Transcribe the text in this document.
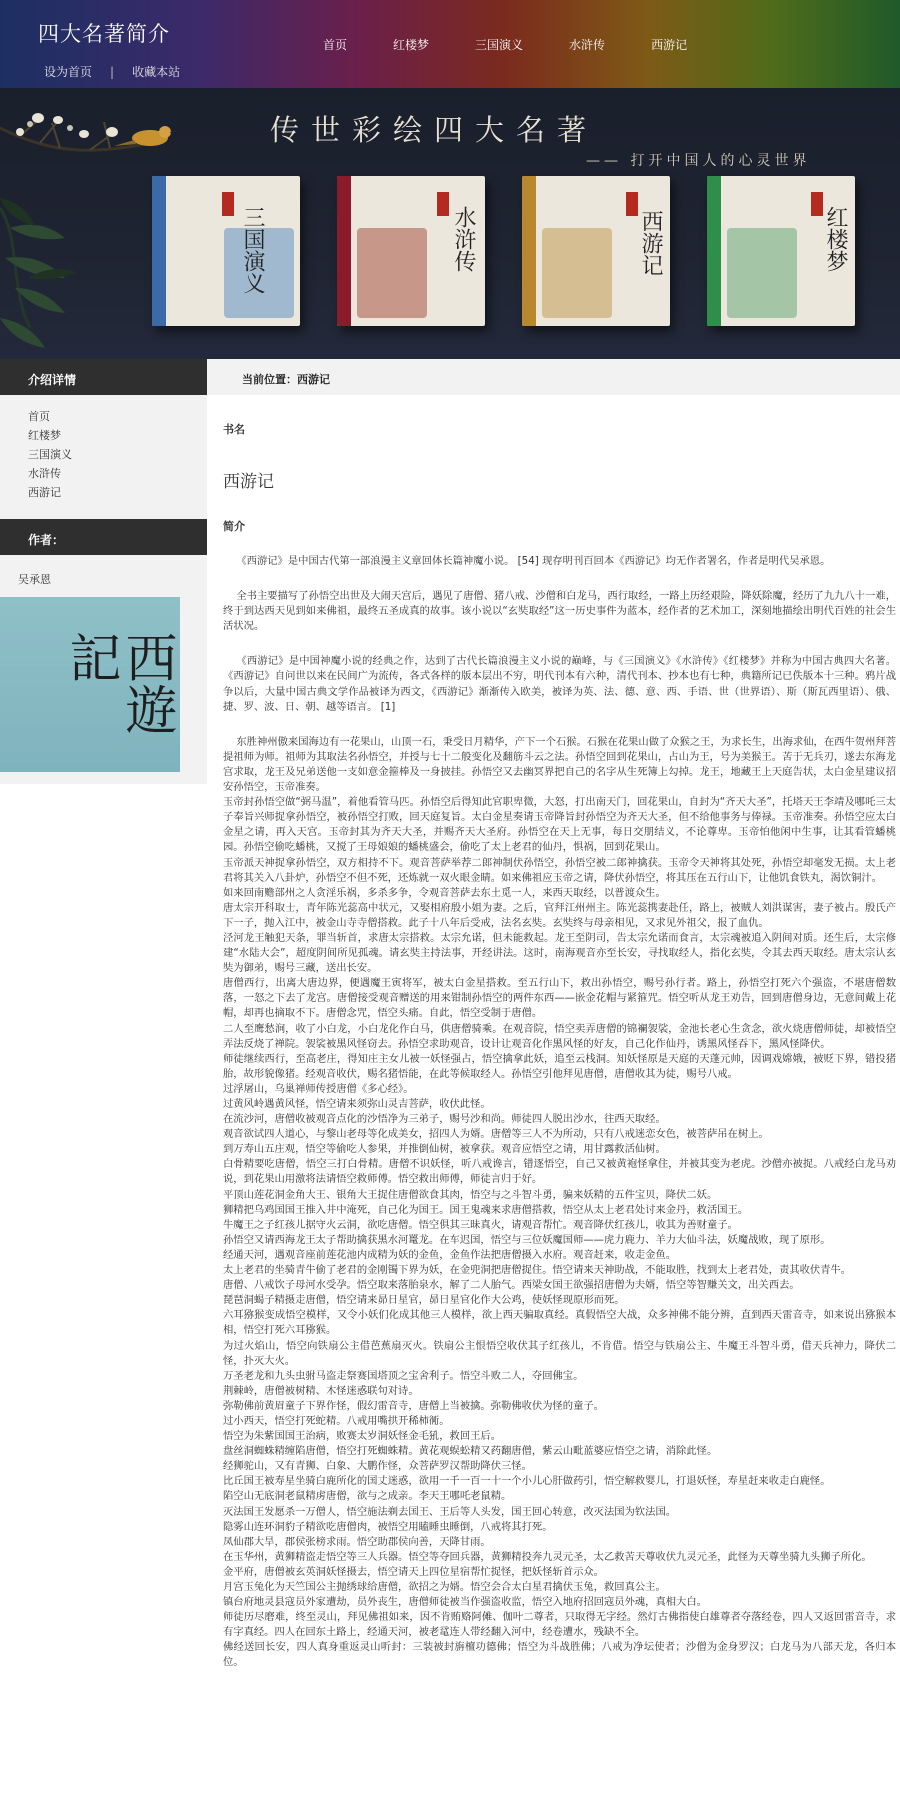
四大名著简介
设为首页 | 收藏本站
首页	红楼梦	三国演义	水浒传	西游记
传世彩绘四大名著
—— 打开中国人的心灵世界
三国演义	水浒传	西游记	红楼梦
介绍详情
首页
红楼梦
三国演义
水浒传
西游记
作者：
吴承恩
西遊記
当前位置：西游记
书名
西游记
简介

《西游记》是中国古代第一部浪漫主义章回体长篇神魔小说。 [54] 现存明刊百回本《西游记》均无作者署名，作者是明代吴承恩。

全书主要描写了孙悟空出世及大闹天宫后，遇见了唐僧、猪八戒、沙僧和白龙马，西行取经，一路上历经艰险，降妖除魔，经历了九九八十一难，终于到达西天见到如来佛祖，最终五圣成真的故事。该小说以“玄奘取经”这一历史事件为蓝本，经作者的艺术加工，深刻地描绘出明代百姓的社会生活状况。

《西游记》是中国神魔小说的经典之作，达到了古代长篇浪漫主义小说的巅峰，与《三国演义》《水浒传》《红楼梦》并称为中国古典四大名著。《西游记》自问世以来在民间广为流传，各式各样的版本层出不穷，明代刊本有六种，清代刊本、抄本也有七种，典籍所记已佚版本十三种。鸦片战争以后，大量中国古典文学作品被译为西文，《西游记》渐渐传入欧美，被译为英、法、德、意、西、手语、世（世界语）、斯（斯瓦西里语）、俄、捷、罗、波、日、朝、越等语言。 [1]

东胜神州傲来国海边有一花果山，山顶一石，秉受日月精华，产下一个石猴。石猴在花果山做了众猴之王，为求长生，出海求仙，在西牛贺州拜菩提祖师为师。祖师为其取法名孙悟空，并授与七十二般变化及翻筋斗云之法。孙悟空回到花果山，占山为王，号为美猴王。苦于无兵刃，遂去东海龙宫求取，龙王及兄弟送他一支如意金箍棒及一身披挂。孙悟空又去幽冥界把自己的名字从生死簿上勾掉。龙王，地藏王上天庭告状，太白金星建议招安孙悟空，玉帝准奏。

玉帝封孙悟空做“弼马温”，着他看管马匹。孙悟空后得知此官职卑微，大怒，打出南天门，回花果山，自封为“齐天大圣”，托塔天王李靖及哪吒三太子奉旨兴师捉拿孙悟空，被孙悟空打败，回天庭复旨。太白金星奏请玉帝降旨封孙悟空为齐天大圣，但不给他事务与俸禄。玉帝准奏。孙悟空应太白金星之请，再入天宫。玉帝封其为齐天大圣，并赐齐天大圣府。孙悟空在天上无事，每日交朋结义，不论尊卑。玉帝怕他闲中生事，让其看管蟠桃园。孙悟空偷吃蟠桃，又搅了王母娘娘的蟠桃盛会，偷吃了太上老君的仙丹，惧祸，回到花果山。

玉帝派天神捉拿孙悟空，双方相持不下。观音菩萨举荐二郎神制伏孙悟空，孙悟空被二郎神擒获。玉帝令天神将其处死，孙悟空却毫发无损。太上老君将其关入八卦炉，孙悟空不但不死，还炼就一双火眼金睛。如来佛祖应玉帝之请，降伏孙悟空，将其压在五行山下，让他饥食铁丸，渴饮铜汁。

如来回南赡部州之人贪淫乐祸，多杀多争，令观音菩萨去东土觅一人，来西天取经，以普渡众生。

唐太宗开科取士，青年陈光蕊高中状元，又娶相府殷小姐为妻。之后，官拜江州州主。陈光蕊携妻赴任，路上，被贼人刘洪谋害，妻子被占。殷氏产下一子，抛入江中，被金山寺寺僧搭救。此子十八年后受戒，法名玄奘。玄奘终与母亲相见，又求见外祖父，报了血仇。

泾河龙王触犯天条，罪当斩首，求唐太宗搭救。太宗允诺，但未能救起。龙王至阴司，告太宗允诺而食言，太宗魂被追入阴间对质。还生后，太宗修建“水陆大会”，超度阴间所见孤魂。请玄奘主持法事，开经讲法。这时，南海观音亦至长安，寻找取经人，指化玄奘，令其去西天取经。唐太宗认玄奘为御弟，赐号三藏，送出长安。

唐僧西行，出离大唐边界，便遇魔王寅将军，被太白金星搭救。至五行山下，救出孙悟空，赐号孙行者。路上，孙悟空打死六个强盗，不堪唐僧数落，一怒之下去了龙宫。唐僧接受观音赠送的用来钳制孙悟空的两件东西——嵌金花帽与紧箍咒。悟空听从龙王劝告，回到唐僧身边，无意间戴上花帽，却再也摘取不下。唐僧念咒，悟空头痛。自此，悟空受制于唐僧。

二人至鹰愁涧，收了小白龙，小白龙化作白马，供唐僧骑乘。在观音院，悟空卖弄唐僧的锦襕袈裟，金池长老心生贪念，欲火烧唐僧师徒，却被悟空弄法反烧了禅院。袈裟被黑风怪窃去。孙悟空求助观音，设计让观音化作黑风怪的好友，自己化作仙丹，诱黑风怪吞下，黑风怪降伏。

师徒继续西行，至高老庄，得知庄主女儿被一妖怪强占，悟空擒拿此妖，追至云栈洞。知妖怪原是天庭的天蓬元帅，因调戏嫦娥，被贬下界，错投猪胎，故形貌像猪。经观音收伏，赐名猪悟能，在此等候取经人。孙悟空引他拜见唐僧，唐僧收其为徒，赐号八戒。

过浮屠山，乌巢禅师传授唐僧《多心经》。

过黄风岭遇黄风怪，悟空请来须弥山灵吉菩萨，收伏此怪。

在流沙河，唐僧收被观音点化的沙悟净为三弟子，赐号沙和尚。师徒四人脱出沙水，往西天取经。

观音欲试四人道心，与黎山老母等化成美女，招四人为婿。唐僧等三人不为所动，只有八戒迷恋女色，被菩萨吊在树上。

到万寿山五庄观，悟空等偷吃人参果，并推倒仙树，被拿获。观音应悟空之请，用甘露救活仙树。

白骨精要吃唐僧，悟空三打白骨精。唐僧不识妖怪，听八戒谗言，错逐悟空，自己又被黄袍怪拿住，并被其变为老虎。沙僧亦被捉。八戒经白龙马劝说，到花果山用激将法请悟空救师傅。悟空救出师傅，师徒言归于好。

平顶山莲花洞金角大王、银角大王捉住唐僧欲食其肉，悟空与之斗智斗勇，骗来妖精的五件宝贝，降伏二妖。

狮精把乌鸡国国王推入井中淹死，自己化为国王。国王鬼魂来求唐僧搭救，悟空从太上老君处讨来金丹，救活国王。

牛魔王之子红孩儿据守火云洞，欲吃唐僧。悟空俱其三昧真火，请观音帮忙。观音降伏红孩儿，收其为善财童子。

孙悟空又请西海龙王太子帮助擒获黑水河鼍龙。在车迟国，悟空与三位妖魔国师——虎力鹿力、羊力大仙斗法，妖魔战败，现了原形。

经通天河，遇观音座前莲花池内成精为妖的金鱼，金鱼作法把唐僧摄入水府。观音赶来，收走金鱼。

太上老君的坐骑青牛偷了老君的金刚镯下界为妖，在金兜洞把唐僧捉住。悟空请来天神助战，不能取胜，找到太上老君处，责其收伏青牛。

唐僧、八戒饮子母河水受孕。悟空取来落胎泉水，解了二人胎气。西梁女国王欲强招唐僧为夫婿，悟空等智赚关文，出关西去。

琵琶洞蝎子精摄走唐僧，悟空请来昴日星官，昴日星官化作大公鸡，使妖怪现原形而死。

六耳猕猴变成悟空模样，又令小妖们化成其他三人模样，欲上西天骗取真经。真假悟空大战，众多神佛不能分辨，直到西天雷音寺，如来说出猕猴本相，悟空打死六耳猕猴。

为过火焰山，悟空向铁扇公主借芭蕉扇灭火。铁扇公主恨悟空收伏其子红孩儿，不肯借。悟空与铁扇公主、牛魔王斗智斗勇，借天兵神力，降伏二怪，扑灭大火。

万圣老龙和九头虫驸马盗走祭赛国塔顶之宝舍利子。悟空斗败二人，夺回佛宝。

荆棘岭，唐僧被树精、木怪迷惑联句对诗。

弥勒佛前黄眉童子下界作怪，假幻雷音寺，唐僧上当被擒。弥勒佛收伏为怪的童子。

过小西天，悟空打死蛇精。八戒用嘴拱开稀柿衕。

悟空为朱紫国国王治病，败赛太岁洞妖怪金毛犼，救回王后。

盘丝洞蜘蛛精缠陷唐僧，悟空打死蜘蛛精。黄花观蜈蚣精又药翻唐僧，紫云山毗蓝婆应悟空之请，消除此怪。

经狮驼山，又有青狮、白象、大鹏作怪，众菩萨罗汉帮助降伏三怪。

比丘国王被寿星坐骑白鹿所化的国丈迷惑，欲用一千一百一十一个小儿心肝做药引，悟空解救婴儿，打退妖怪，寿星赶来收走白鹿怪。

陷空山无底洞老鼠精虏唐僧，欲与之成亲。李天王哪吒老鼠精。

灭法国王发愿杀一万僧人，悟空施法剃去国王、王后等人头发，国王回心转意，改灭法国为钦法国。

隐雾山连环洞豹子精欲吃唐僧肉，被悟空用瞌睡虫睡倒，八戒将其打死。

凤仙郡大旱，郡侯张榜求雨。悟空助郡侯向善，天降甘雨。

在玉华州，黄狮精盗走悟空等三人兵器。悟空等夺回兵器，黄狮精投奔九灵元圣，太乙救苦天尊收伏九灵元圣，此怪为天尊坐骑九头狮子所化。

金平府，唐僧被玄英洞妖怪摄去，悟空请天上四位星宿帮忙捉怪，把妖怪斩首示众。

月宫玉兔化为天竺国公主抛绣球给唐僧，欲招之为婿。悟空会合太白星君擒伏玉兔，救回真公主。

镇台府地灵县寇员外家遭劫，员外丧生，唐僧师徒被当作强盗收监，悟空入地府招回寇员外魂，真相大白。

师徒历尽磨难，终至灵山，拜见佛祖如来，因不肯贿赂阿傩、伽叶二尊者，只取得无字经。然灯古佛指使白雄尊者夺落经卷，四人又返回雷音寺，求有字真经。四人在回东土路上，经通天河，被老鼋连人带经翻入河中，经卷遭水，残缺不全。

佛经送回长安，四人真身重返灵山听封：三装被封旃檀功德佛；悟空为斗战胜佛；八戒为净坛使者；沙僧为金身罗汉；白龙马为八部天龙，各归本位。
